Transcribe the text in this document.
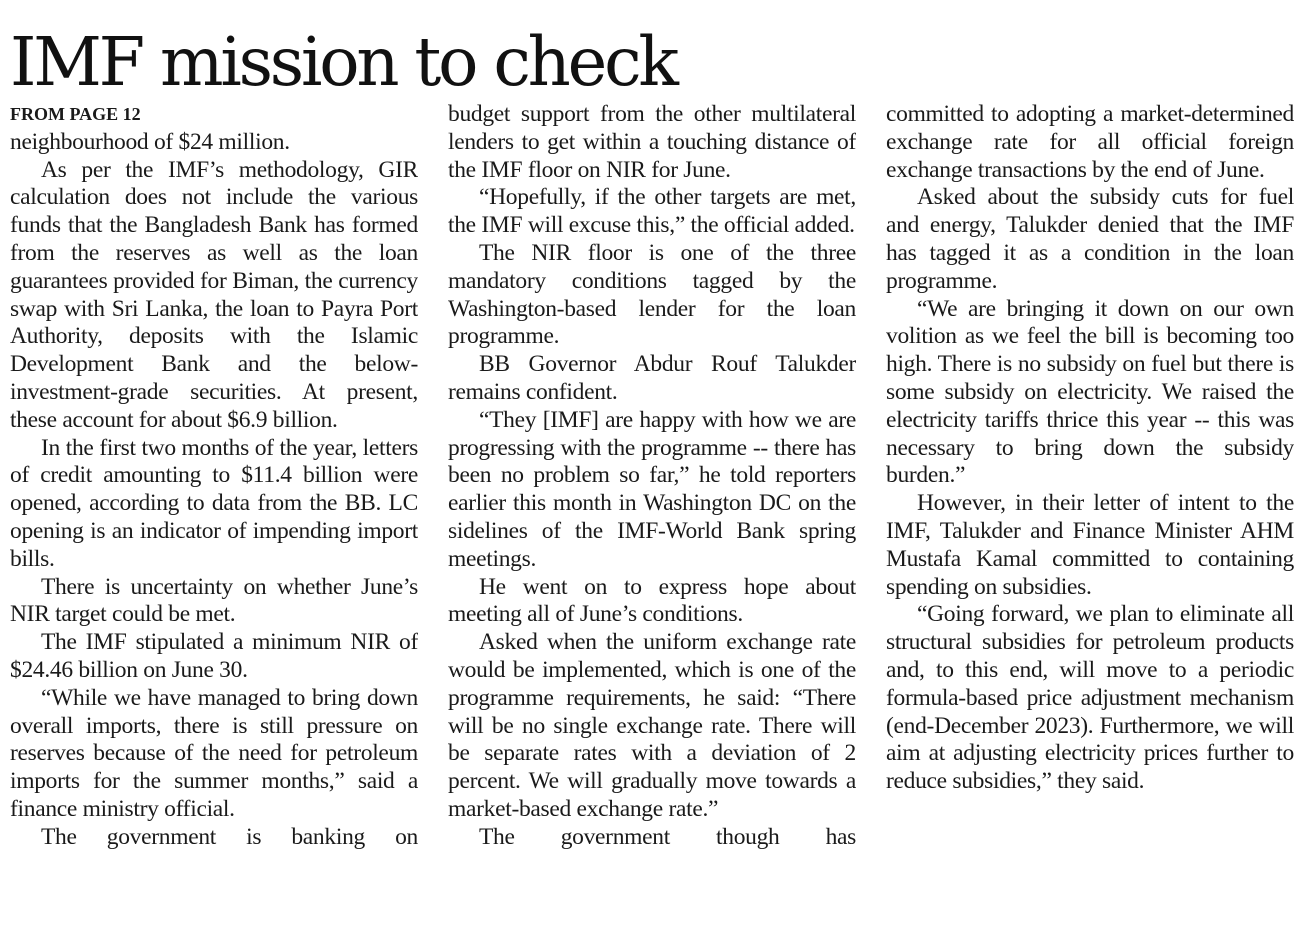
IMF mission to check
FROM PAGE 12

neighbourhood of $24 million.

As per the IMF’s methodology, GIR calculation does not include the various funds that the Bangladesh Bank has formed from the reserves as well as the loan guarantees provided for Biman, the currency swap with Sri Lanka, the loan to Payra Port Authority, deposits with the Islamic Development Bank and the below-investment-grade securities. At present, these account for about $6.9 billion.

In the first two months of the year, letters of credit amounting to $11.4 billion were opened, according to data from the BB. LC opening is an indicator of impending import bills.

There is uncertainty on whether June’s NIR target could be met.

The IMF stipulated a minimum NIR of $24.46 billion on June 30.

“While we have managed to bring down overall imports, there is still pressure on reserves because of the need for petroleum imports for the summer months,” said a finance ministry official.

The government is banking on

budget support from the other multilateral lenders to get within a touching distance of the IMF floor on NIR for June.

“Hopefully, if the other targets are met, the IMF will excuse this,” the official added.

The NIR floor is one of the three mandatory conditions tagged by the Washington-based lender for the loan programme.

BB Governor Abdur Rouf Talukder remains confident.

“They [IMF] are happy with how we are progressing with the programme -- there has been no problem so far,” he told reporters earlier this month in Washington DC on the sidelines of the IMF-World Bank spring meetings.

He went on to express hope about meeting all of June’s conditions.

Asked when the uniform exchange rate would be implemented, which is one of the programme requirements, he said: “There will be no single exchange rate. There will be separate rates with a deviation of 2 percent. We will gradually move towards a market-based exchange rate.”

The government though has

committed to adopting a market-determined exchange rate for all official foreign exchange transactions by the end of June.

Asked about the subsidy cuts for fuel and energy, Talukder denied that the IMF has tagged it as a condition in the loan programme.

“We are bringing it down on our own volition as we feel the bill is becoming too high. There is no subsidy on fuel but there is some subsidy on electricity. We raised the electricity tariffs thrice this year -- this was necessary to bring down the subsidy burden.”

However, in their letter of intent to the IMF, Talukder and Finance Minister AHM Mustafa Kamal committed to containing spending on subsidies.

“Going forward, we plan to eliminate all structural subsidies for petroleum products and, to this end, will move to a periodic formula-based price adjustment mechanism (end-December 2023). Furthermore, we will aim at adjusting electricity prices further to reduce subsidies,” they said.
